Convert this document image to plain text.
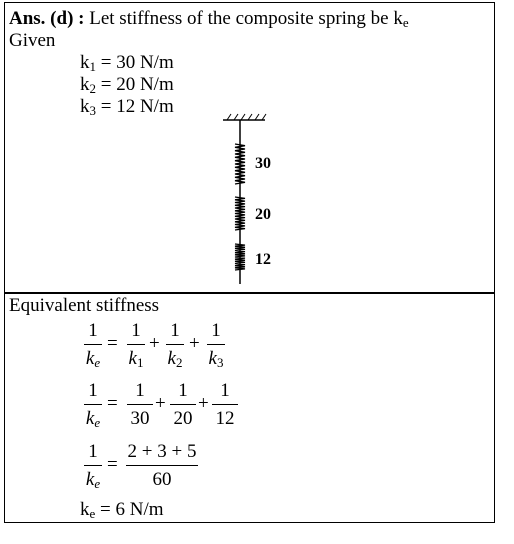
Ans. (d) : Let stiffness of the composite spring be $k_e$
Given
$k_1 = 30$ N/m
$k_2 = 20$ N/m
$k_3 = 12$ N/m
30
20
12
Equivalent stiffness
1
$k_e$
=
1
$k_1$
+
1
$k_2$
+
1
$k_3$
1
$k_e$
=
1
30
+
1
20
+
1
12
1
$k_e$
=
2 + 3 + 5
60
$k_e = 6$ N/m
